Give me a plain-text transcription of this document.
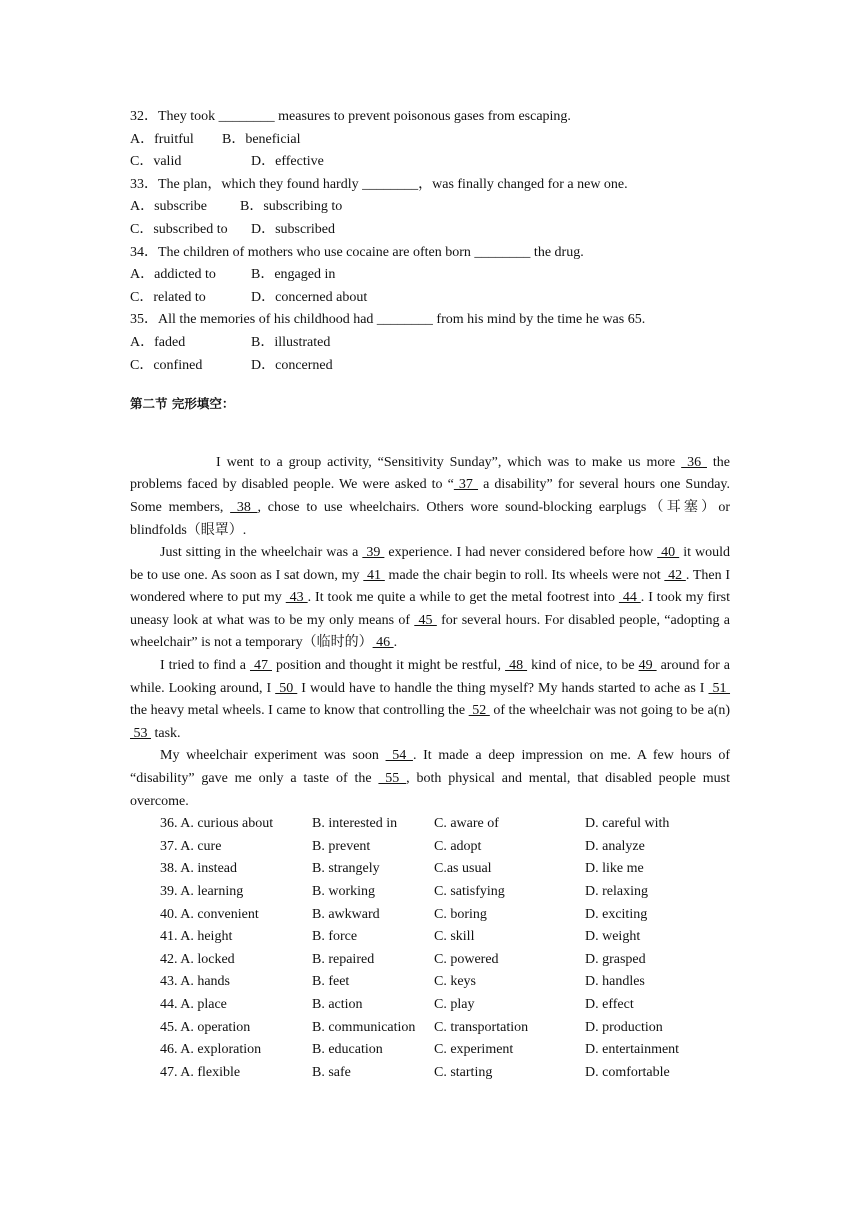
32．They took ________ measures to prevent poisonous gases from escaping.
A．fruitful B．beneficial
C．valid	D．effective
33．The plan，which they found hardly ________，was finally changed for a new one.
A．subscribe B．subscribing to
C．subscribed to D．subscribed
34．The children of mothers who use cocaine are often born ________ the drug.
A．addicted to	B．engaged in
C．related to	D．concerned about
35．All the memories of his childhood had ________ from his mind by the time he was 65.
A．faded	B．illustrated
C．confined	D．concerned
第二节 完形填空：

I went to a group activity, “Sensitivity Sunday”, which was to make us more  36  the problems faced by disabled people. We were asked to “ 37  a disability” for several hours one Sunday. Some members,  38 , chose to use wheelchairs. Others wore sound-blocking earplugs（耳塞）or blindfolds（眼罩）.

Just sitting in the wheelchair was a  39  experience. I had never considered before how  40  it would be to use one. As soon as I sat down, my  41  made the chair begin to roll. Its wheels were not  42 . Then I wondered where to put my  43 . It took me quite a while to get the metal footrest into  44 . I took my first uneasy look at what was to be my only means of  45  for several hours. For disabled people, “adopting a wheelchair” is not a temporary（临时的） 46 .

I tried to find a  47  position and thought it might be restful,  48  kind of nice, to be 49  around for a while. Looking around, I  50  I would have to handle the thing myself? My hands started to ache as I  51  the heavy metal wheels. I came to know that controlling the  52  of the wheelchair was not going to be a(n)  53  task.

My wheelchair experiment was soon  54 . It made a deep impression on me. A few hours of “disability” gave me only a taste of the  55 , both physical and mental, that disabled people must overcome.

36. A. curious about	B. interested in	C. aware of	D. careful with
37. A. cure	B. prevent	C. adopt	D. analyze
38. A. instead	B. strangely	C.as usual	D. like me
39. A. learning	B. working	C. satisfying	D. relaxing
40. A. convenient	B. awkward	C. boring	D. exciting
41. A. height	B. force	C. skill	D. weight
42. A. locked	B. repaired	C. powered	D. grasped
43. A. hands	B. feet	C. keys	D. handles
44. A. place	B. action	C. play	D. effect
45. A. operation	B. communication C. transportation	D. production
46. A. exploration	B. education	C. experiment	D. entertainment
47. A. flexible	B. safe	C. starting	D. comfortable
